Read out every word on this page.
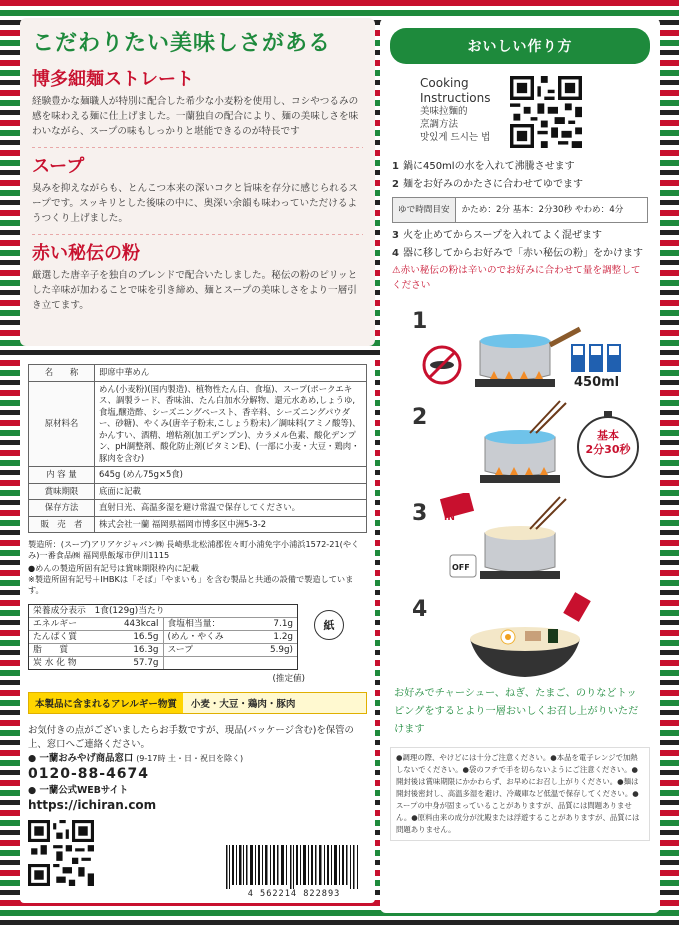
こだわりたい美味しさがある
博多細麺ストレート
経験豊かな麺職人が特別に配合した希少な小麦粉を使用し、コシやつるみの感を味わえる麺に仕上げました。一蘭独自の配合により、麺の美味しさを味わいながら、スープの味もしっかりと堪能できるのが特長です
スープ
臭みを抑えながらも、とんこつ本来の深いコクと旨味を存分に感じられるスープです。スッキリとした後味の中に、奥深い余韻も味わっていただけるようつくり上げました。
赤い秘伝の粉
厳選した唐辛子を独自のブレンドで配合いたしました。秘伝の粉のピリッとした辛味が加わることで味を引き締め、麺とスープの美味しさをより一層引き立てます。
名　　称	即席中華めん
原材料名	めん(小麦粉)(国内製造)、植物性たん白、食塩)、スープ(ポークエキス、調製ラード、香味油、たん白加水分解物、還元水あめ,しょうゆ,食塩,醸造酢、シーズニングペースト、香辛料、シーズニングパウダー、砂糖)、やくみ(唐辛子粉末,こしょう粉末)／調味料(アミノ酸等)、かんすい、酒精、増粘剤(加工デンプン)、カラメル色素、酸化デンプン、pH調整剤、酸化防止剤(ビタミンE)、(一部に小麦・大豆・鶏肉・豚肉を含む)
内 容 量	645g (めん75g×5食)
賞味期限	底面に記載
保存方法	直射日光、高温多湿を避け常温で保存してください。
販　売　者	株式会社一蘭 福岡県福岡市博多区中洲5-3-2
製造所：(スープ)アリアケジャパン㈱ 長崎県北松浦郡佐々町小浦免字小浦浜1572-21(やくみ)一番食品㈱ 福岡県飯塚市伊川1115
●めんの製造所固有記号は賞味期限枠内に記載
※製造所固有記号＋IHBKは「そば」「やまいも」を含む製品と共通の設備で製造しています。
栄養成分表示　1食(129g)当たり
エネルギー	443kcal 食塩相当量：	7.1g
たんぱく質	16.5g (めん・やくみ	1.2g
脂　　質	16.3g スープ	5.9g)
炭 水 化 物	57.7g
紙
(推定値)
本製品に含まれるアレルギー物質	小麦・大豆・鶏肉・豚肉
お気付きの点がございましたらお手数ですが、現品(パッケージ含む)を保管の上、窓口へご連絡ください。
● 一蘭おみやげ商品窓口 (9-17時 土・日・祝日を除く)
0120-88-4674
● 一蘭公式WEBサイト
https://ichiran.com
4 562214 822893
おいしい作り方
Cooking
Instructions
美味拉麵的
烹調方法
맛있게 드시는 법
1 鍋に450mlの水を入れて沸騰させます
2 麺をお好みのかたさに合わせてゆでます
ゆで時間目安	かため：2分 基本：2分30秒 やわめ：4分
3 火を止めてからスープを入れてよく混ぜます
4 器に移してからお好みで「赤い秘伝の粉」をかけます
⚠赤い秘伝の粉は辛いのでお好みに合わせて量を調整してください
1
450ml
2
基本
2分30秒
3 IN
OFF
4
お好みでチャーシュー、ねぎ、たまご、のりなどトッピングをするとより一層おいしくお召し上がりいただけます
●調理の際、やけどには十分ご注意ください。●本品を電子レンジで加熱しないでください。●袋のフチで手を切らないようにご注意ください。●開封後は賞味期限にかかわらず、お早めにお召し上がりください。●麺は開封後密封し、高温多湿を避け、冷蔵庫など低温で保存してください。●スープの中身が固まっていることがありますが、品質には問題ありません。●原料由来の成分が沈殿または浮遊することがありますが、品質には問題ありません。
